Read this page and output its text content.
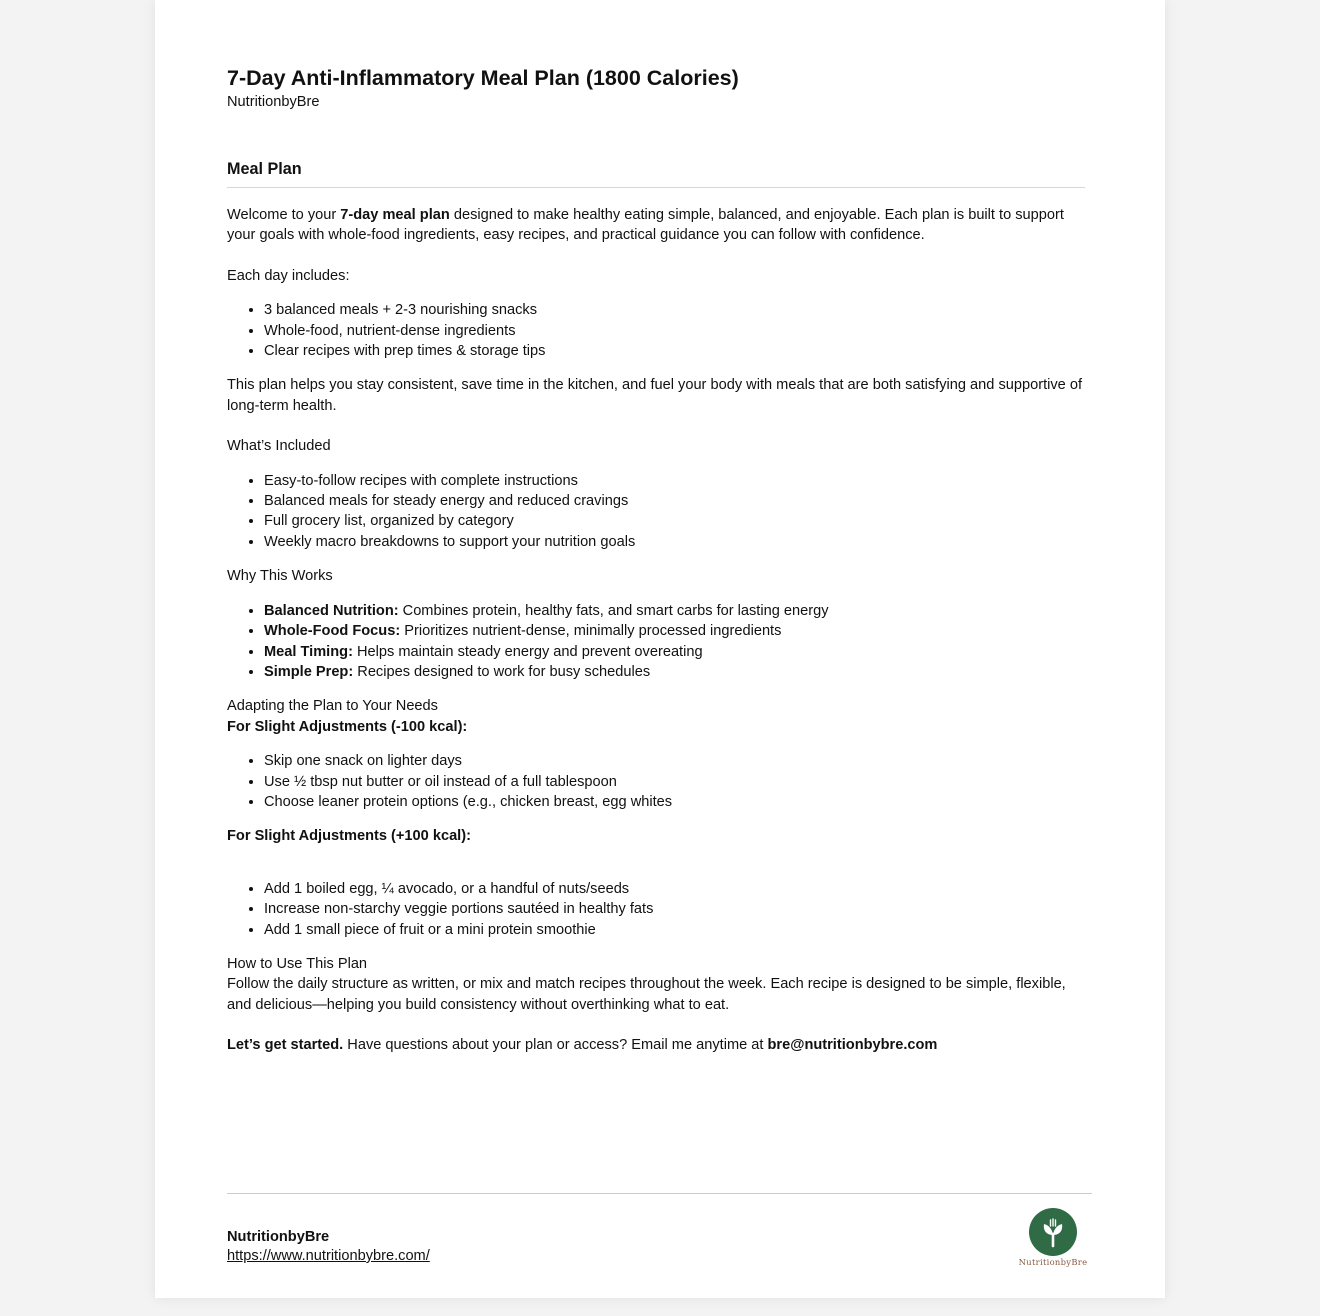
7-Day Anti-Inflammatory Meal Plan (1800 Calories)

NutritionbyBre

Meal Plan

Welcome to your 7-day meal plan designed to make healthy eating simple, balanced, and enjoyable. Each plan is built to support your goals with whole-food ingredients, easy recipes, and practical guidance you can follow with confidence.

Each day includes:

• 3 balanced meals + 2-3 nourishing snacks
• Whole-food, nutrient-dense ingredients
• Clear recipes with prep times & storage tips

This plan helps you stay consistent, save time in the kitchen, and fuel your body with meals that are both satisfying and supportive of long-term health.

What’s Included

• Easy-to-follow recipes with complete instructions
• Balanced meals for steady energy and reduced cravings
• Full grocery list, organized by category
• Weekly macro breakdowns to support your nutrition goals

Why This Works

• Balanced Nutrition: Combines protein, healthy fats, and smart carbs for lasting energy
• Whole-Food Focus: Prioritizes nutrient-dense, minimally processed ingredients
• Meal Timing: Helps maintain steady energy and prevent overeating
• Simple Prep: Recipes designed to work for busy schedules

Adapting the Plan to Your Needs

For Slight Adjustments (-100 kcal):

• Skip one snack on lighter days
• Use ½ tbsp nut butter or oil instead of a full tablespoon
• Choose leaner protein options (e.g., chicken breast, egg whites

For Slight Adjustments (+100 kcal):

• Add 1 boiled egg, ¼ avocado, or a handful of nuts/seeds
• Increase non-starchy veggie portions sautéed in healthy fats
• Add 1 small piece of fruit or a mini protein smoothie

How to Use This Plan

Follow the daily structure as written, or mix and match recipes throughout the week. Each recipe is designed to be simple, flexible, and delicious—helping you build consistency without overthinking what to eat.

Let’s get started. Have questions about your plan or access? Email me anytime at bre@nutritionbybre.com

NutritionbyBre
https://www.nutritionbybre.com/	NutritionbyBre
